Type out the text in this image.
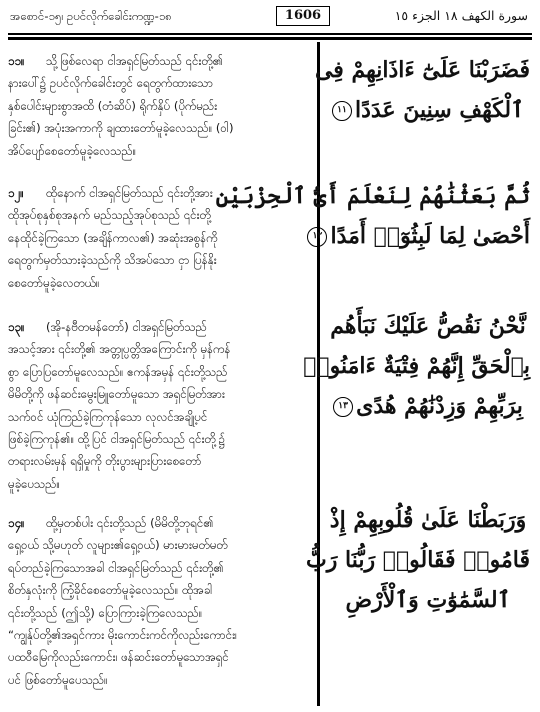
အစောင်-၁၅၊ ဥပင်လိုက်ခေါင်းကဏ္ဍ-၁၈	1606	سورة الكهف ١٨ الجزء ١٥

၁၁။ သို့ဖြစ်လေရာ ငါအရှင်မြတ်သည် ၎င်းတို့၏

နားပေါ်၌ ဥပင်လိုက်ခေါင်းတွင် ရေတွက်ထားသော

နှစ်ပေါင်းများစွာအထိ (တံဆိပ်) ရိုက်နှိပ် (ပိုက်မည်း

ခြင်း၏) အပုံးအကာကို ချထားတော်မူခဲ့လေသည်။ (ဝါ)

အိပ်ပျော်စေတော်မူခဲ့လေသည်။

فَضَرَبْنَا عَلَىٰٓ ءَاذَانِهِمْ فِى
ٱلْكَهْفِ سِنِينَ عَدَدًا١١

၁၂။ ထိုနောက် ငါအရှင်မြတ်သည် ၎င်းတို့အား

ထိုအုပ်စုနှစ်စုအနက် မည်သည့်အုပ်စုသည် ၎င်းတို့

နေထိုင်ခဲ့ကြသော (အချိန်ကာလ၏) အဆုံးအစွန်ကို

ရေတွက်မှတ်သားခဲ့သည်ကို သိအပ်သော ငှာ ပြန်နိုး

စေတော်မူခဲ့လေတယ်။

ثُمَّ بَعَثْنَٰهُمْ لِنَعْلَمَ أَىُّ ٱلْحِزْبَيْنِ
أَحْصَىٰ لِمَا لَبِثُوٓا۟ أَمَدًا١٢

၁၃။ (အို-နဗီတမန်တော်) ငါအရှင်မြတ်သည်

အသင့်အား ၎င်းတို့၏ အတ္တုပ္ပတ္တိအကြောင်းကို မှန်ကန်

စွာ ပြောပြတော်မူလေသည်။ ဧကန်အမှန် ၎င်းတို့သည်

မိမိတို့ကို ဖန်ဆင်းမွေးမြူတော်မူသော အရှင်မြတ်အား

သက်ဝင် ယုံကြည်ခဲ့ကြကုန်သော လုလင်အချို့ပင်

ဖြစ်ခဲ့ကြကုန်၏။ ထို့ပြင် ငါအရှင်မြတ်သည် ၎င်းတို့၌

တရားလမ်းမှန် ရရှိမှုကို တိုးပွားများပြားစေတော်

မူခဲ့ပေသည်။

نَّحْنُ نَقُصُّ عَلَيْكَ نَبَأَهُم
بِٱلْحَقِّ إِنَّهُمْ فِتْيَةٌ ءَامَنُوا۟
بِرَبِّهِمْ وَزِدْنَٰهُمْ هُدًى١٣

၁၄။ ထို့မှတစ်ပါး ၎င်းတို့သည် (မိမိတို့ဘုရင်၏

ရှေ့ဝယ် သို့မဟုတ် လူများ၏ရှေ့ဝယ်) မားမားမတ်မတ်

ရပ်တည်ခဲ့ကြသောအခါ ငါအရှင်မြတ်သည် ၎င်းတို့၏

စိတ်နှလုံးကို ကြံ့ခိုင်စေတော်မူခဲ့လေသည်။ ထိုအခါ

၎င်းတို့သည် (ဤသို့) ပြောကြားခဲ့ကြလေသည်။

“ကျွန်ုပ်တို့၏အရှင်ကား မိုးကောင်းကင်ကိုလည်းကောင်း၊

ပထဝီမြေကိုလည်းကောင်း၊ ဖန်ဆင်းတော်မူသောအရှင်

ပင် ဖြစ်တော်မူပေသည်။

وَرَبَطْنَا عَلَىٰ قُلُوبِهِمْ إِذْ
قَامُوا۟ فَقَالُوا۟ رَبُّنَا رَبُّ
ٱلسَّمَٰوَٰتِ وَٱلْأَرْضِ
